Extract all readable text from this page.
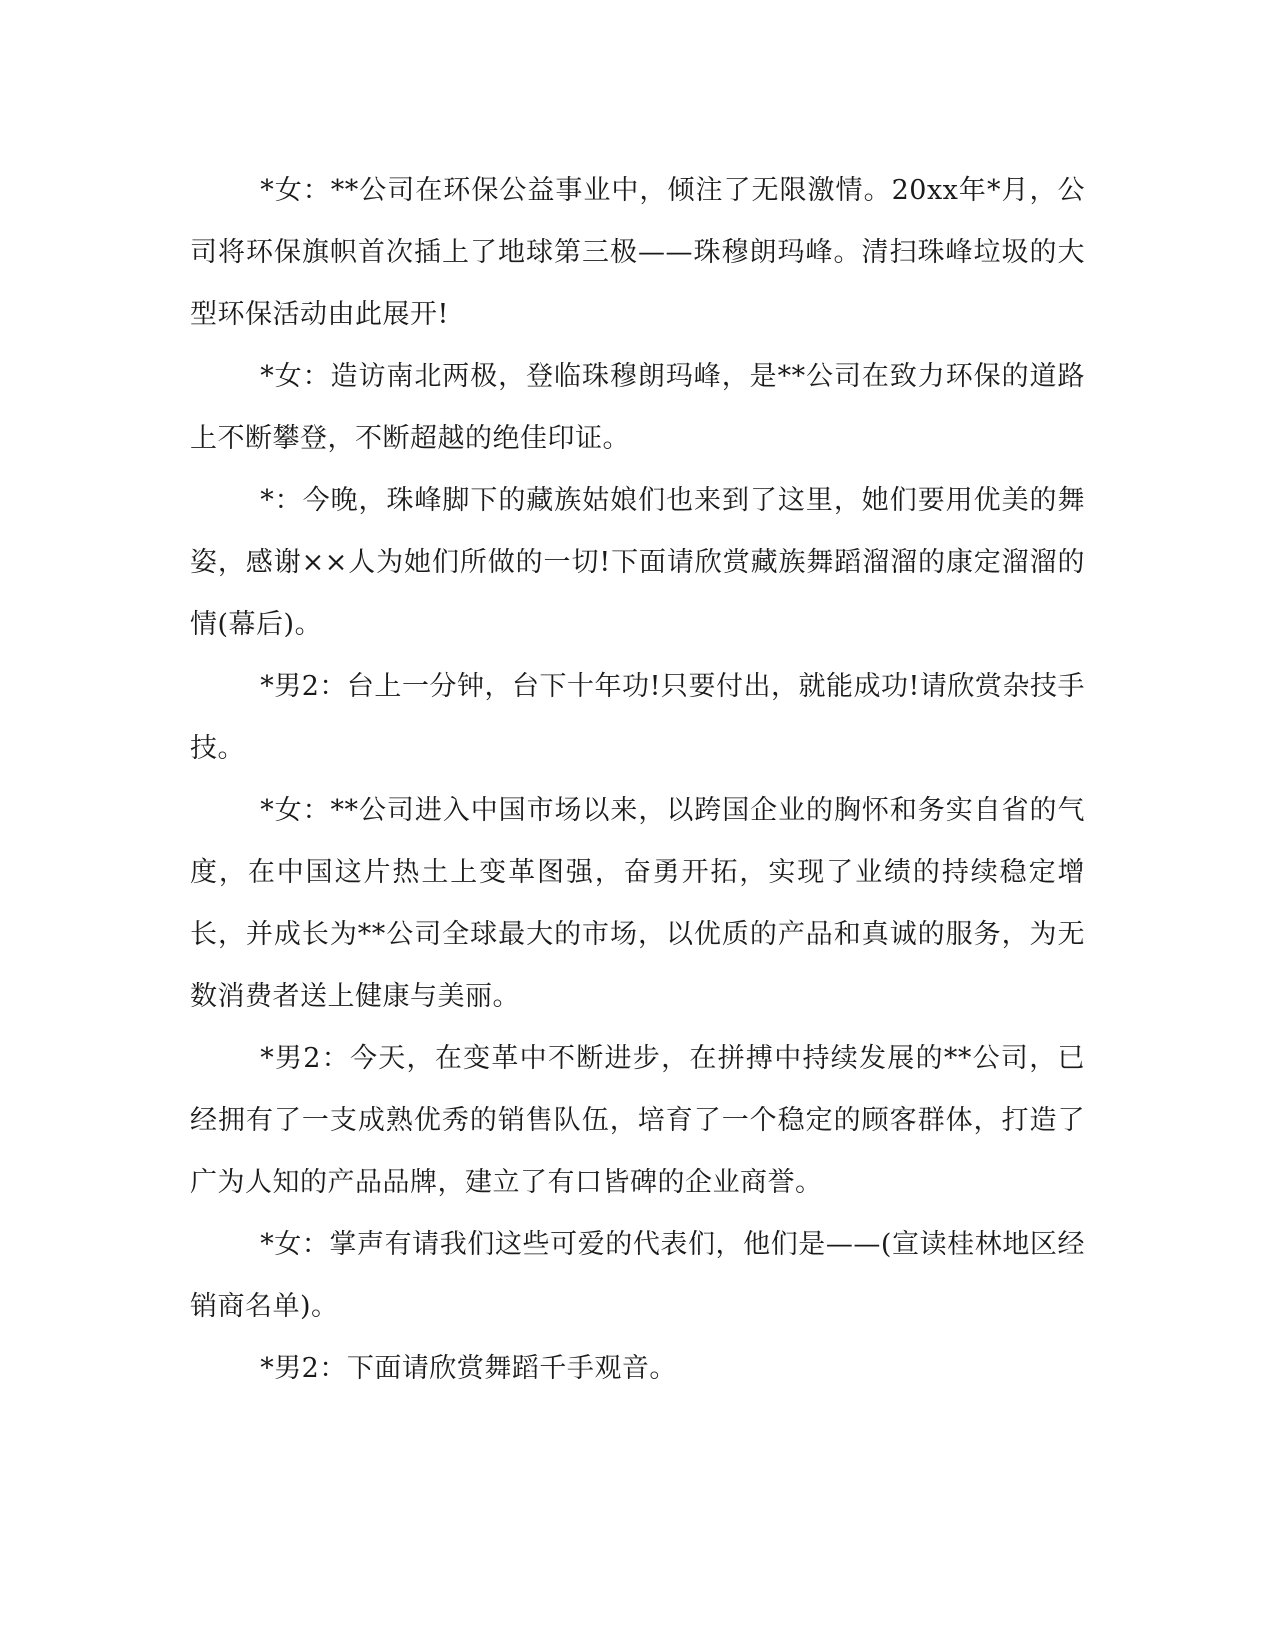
*女：**公司在环保公益事业中，倾注了无限激情。20xx年*月，公司将环保旗帜首次插上了地球第三极——珠穆朗玛峰。清扫珠峰垃圾的大型环保活动由此展开!

*女：造访南北两极，登临珠穆朗玛峰，是**公司在致力环保的道路上不断攀登，不断超越的绝佳印证。

*：今晚，珠峰脚下的藏族姑娘们也来到了这里，她们要用优美的舞姿，感谢××人为她们所做的一切!下面请欣赏藏族舞蹈溜溜的康定溜溜的情(幕后)。

*男2：台上一分钟，台下十年功!只要付出，就能成功!请欣赏杂技手技。

*女：**公司进入中国市场以来，以跨国企业的胸怀和务实自省的气度，在中国这片热土上变革图强，奋勇开拓，实现了业绩的持续稳定增长，并成长为**公司全球最大的市场，以优质的产品和真诚的服务，为无数消费者送上健康与美丽。

*男2：今天，在变革中不断进步，在拼搏中持续发展的**公司，已经拥有了一支成熟优秀的销售队伍，培育了一个稳定的顾客群体，打造了广为人知的产品品牌，建立了有口皆碑的企业商誉。

*女：掌声有请我们这些可爱的代表们，他们是——(宣读桂林地区经销商名单)。

*男2：下面请欣赏舞蹈千手观音。
